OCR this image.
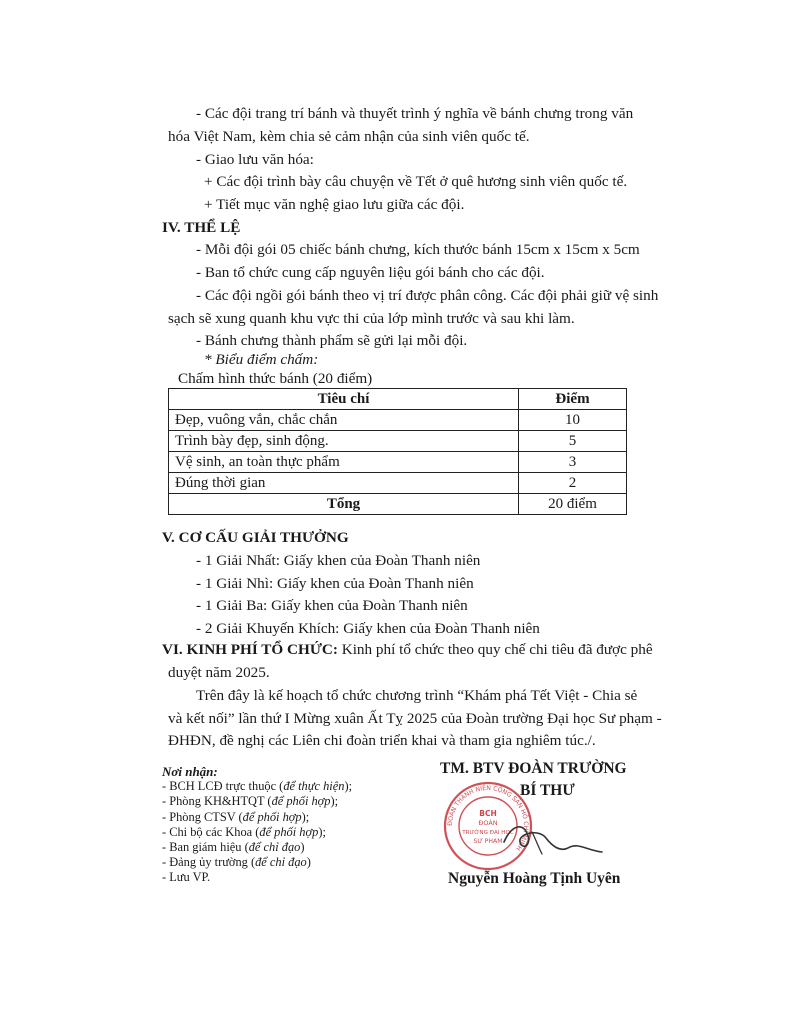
- Các đội trang trí bánh và thuyết trình ý nghĩa về bánh chưng trong văn
hóa Việt Nam, kèm chia sẻ cảm nhận của sinh viên quốc tế.
- Giao lưu văn hóa:
+ Các đội trình bày câu chuyện về Tết ở quê hương sinh viên quốc tế.
+ Tiết mục văn nghệ giao lưu giữa các đội.
IV. THỂ LỆ
- Mỗi đội gói 05 chiếc bánh chưng, kích thước bánh 15cm x 15cm x 5cm
- Ban tổ chức cung cấp nguyên liệu gói bánh cho các đội.
- Các đội ngồi gói bánh theo vị trí được phân công. Các đội phải giữ vệ sinh
sạch sẽ xung quanh khu vực thi của lớp mình trước và sau khi làm.
- Bánh chưng thành phẩm sẽ gửi lại mỗi đội.
* Biểu điểm chấm:
Chấm hình thức bánh (20 điểm)
Tiêu chí	Điểm
Đẹp, vuông vắn, chắc chắn	10
Trình bày đẹp, sinh động.	5
Vệ sinh, an toàn thực phẩm	3
Đúng thời gian	2
Tổng	20 điểm
V. CƠ CẤU GIẢI THƯỞNG
- 1 Giải Nhất: Giấy khen của Đoàn Thanh niên
- 1 Giải Nhì: Giấy khen của Đoàn Thanh niên
- 1 Giải Ba: Giấy khen của Đoàn Thanh niên
- 2 Giải Khuyến Khích: Giấy khen của Đoàn Thanh niên
VI. KINH PHÍ TỔ CHỨC: Kinh phí tổ chức theo quy chế chi tiêu đã được phê
duyệt năm 2025.
Trên đây là kế hoạch tổ chức chương trình “Khám phá Tết Việt - Chia sẻ
và kết nối” lần thứ I Mừng xuân Ất Tỵ 2025 của Đoàn trường Đại học Sư phạm -
ĐHĐN, đề nghị các Liên chi đoàn triển khai và tham gia nghiêm túc./.
Nơi nhận:
- BCH LCĐ trực thuộc (để thực hiện);
- Phòng KH&HTQT (để phối hợp);
- Phòng CTSV (để phối hợp);
- Chi bộ các Khoa (để phối hợp);
- Ban giám hiệu (để chỉ đạo)
- Đảng ủy trường (để chỉ đạo)
- Lưu VP.
TM. BTV ĐOÀN TRƯỜNG
BÍ THƯ
Nguyễn Hoàng Tịnh Uyên
ĐOÀN THANH NIÊN CỘNG SẢN HỒ CHÍ MINH
BCH
ĐOÀN
TRƯỜNG ĐẠI HỌC
SƯ PHẠM
